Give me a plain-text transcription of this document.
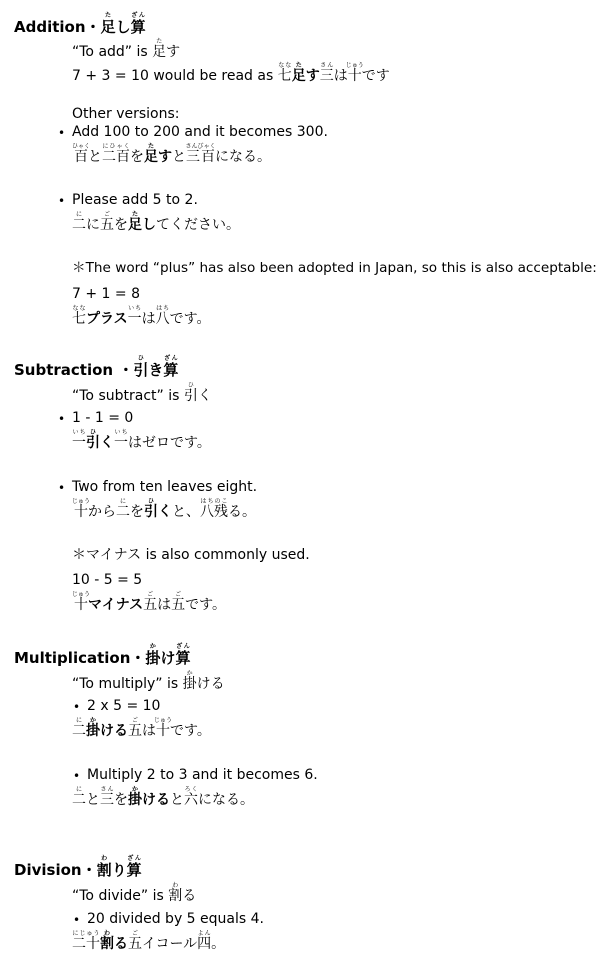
Addition・足たし算ざん
“To add” is 足たす
7 + 3 = 10 would be read as 七なな足たす三さんは十じゅうです
Other versions:
• Add 100 to 200 and it becomes 300.
百ひゃくと二百にひゃくを足たすと三百さんびゃくになる。
• Please add 5 to 2.
二にに五ごを足たしてください。
＊The word “plus” has also been adopted in Japan, so this is also acceptable:
7 + 1 = 8
七ななプラス一いちは八はちです。
Subtraction ・引ひき算ざん
“To subtract” is 引ひく
• 1 - 1 = 0
一いち引ひく一いちはゼロです。
• Two from ten leaves eight.
十じゅうから二にを引ひくと、八残はちのこる。
＊マイナス is also commonly used.
10 - 5 = 5
十じゅうマイナス五ごは五ごです。
Multiplication・掛かけ算ざん
“To multiply” is 掛かける
• 2 x 5 = 10
二に掛かける五ごは十じゅうです。
• Multiply 2 to 3 and it becomes 6.
二にと三さんを掛かけると六ろくになる。
Division・割わり算ざん
“To divide” is 割わる
• 20 divided by 5 equals 4.
二十にじゅう割わる五ごイコール四よん。
